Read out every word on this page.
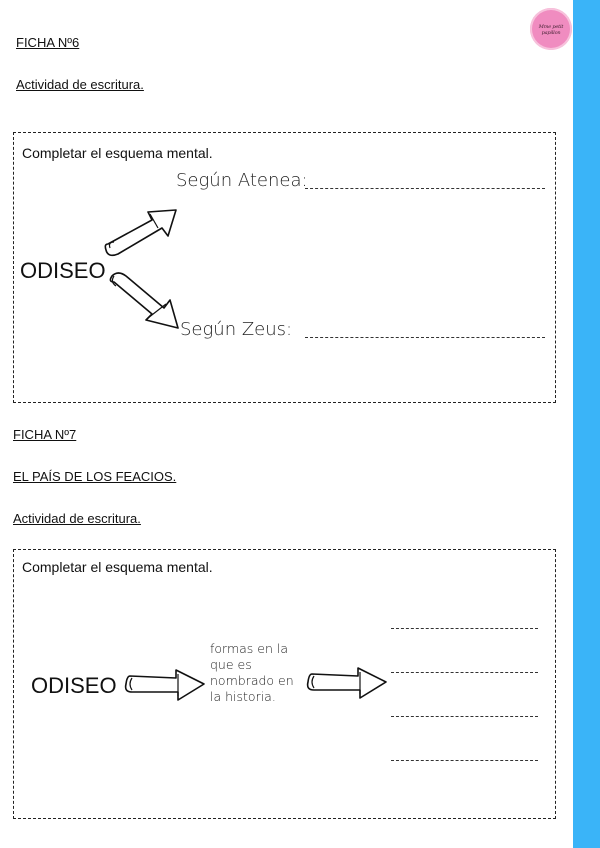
Mme petit papillon
FICHA Nº6
Actividad de escritura.
Completar el esquema mental.
Según Atenea:
ODISEO
Según Zeus:
FICHA Nº7
EL PAÍS DE LOS FEACIOS.
Actividad de escritura.
Completar el esquema mental.
ODISEO
formas en la
que es
nombrado en
la historia.
